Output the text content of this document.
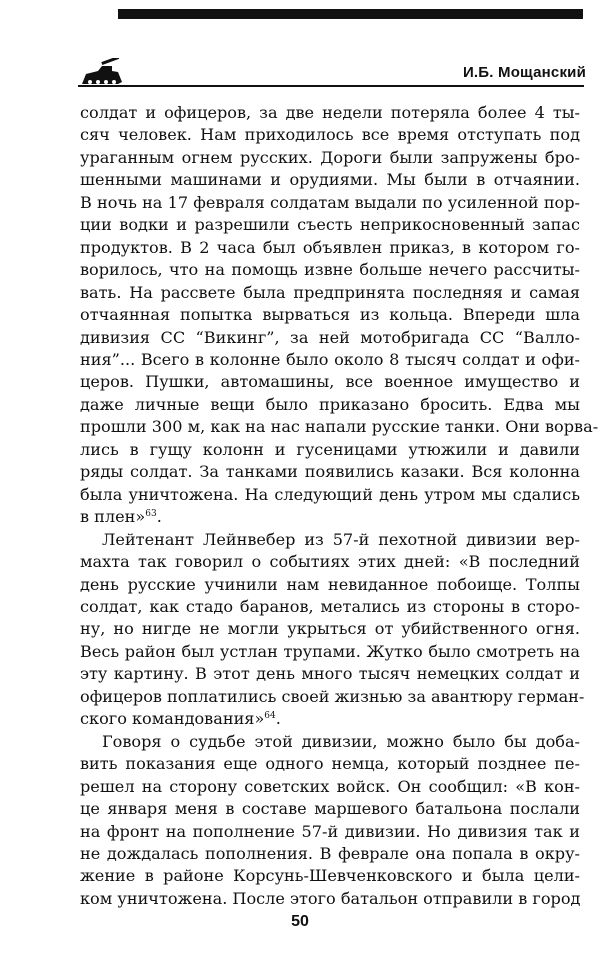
И.Б. Мощанский
солдат и офицеров, за две недели потеряла более 4 ты-
сяч человек. Нам приходилось все время отступать под
ураганным огнем русских. Дороги были запружены бро-
шенными машинами и орудиями. Мы были в отчаянии.
В ночь на 17 февраля солдатам выдали по усиленной пор-
ции водки и разрешили съесть неприкосновенный запас
продуктов. В 2 часа был объявлен приказ, в котором го-
ворилось, что на помощь извне больше нечего рассчиты-
вать. На рассвете была предпринята последняя и самая
отчаянная попытка вырваться из кольца. Впереди шла
дивизия СС “Викинг”, за ней мотобригада СС “Валло-
ния”... Всего в колонне было около 8 тысяч солдат и офи-
церов. Пушки, автомашины, все военное имущество и
даже личные вещи было приказано бросить. Едва мы
прошли 300 м, как на нас напали русские танки. Они ворва-
лись в гущу колонн и гусеницами утюжили и давили
ряды солдат. За танками появились казаки. Вся колонна
была уничтожена. На следующий день утром мы сдались
в плен»$^{63}$.
Лейтенант Лейнвебер из 57-й пехотной дивизии вер-
махта так говорил о событиях этих дней: «В последний
день русские учинили нам невиданное побоище. Толпы
солдат, как стадо баранов, метались из стороны в сторо-
ну, но нигде не могли укрыться от убийственного огня.
Весь район был устлан трупами. Жутко было смотреть на
эту картину. В этот день много тысяч немецких солдат и
офицеров поплатились своей жизнью за авантюру герман-
ского командования»$^{64}$.
Говоря о судьбе этой дивизии, можно было бы доба-
вить показания еще одного немца, который позднее пе-
решел на сторону советских войск. Он сообщил: «В кон-
це января меня в составе маршевого батальона послали
на фронт на пополнение 57-й дивизии. Но дивизия так и
не дождалась пополнения. В феврале она попала в окру-
жение в районе Корсунь-Шевченковского и была цели-
ком уничтожена. После этого батальон отправили в город
50
